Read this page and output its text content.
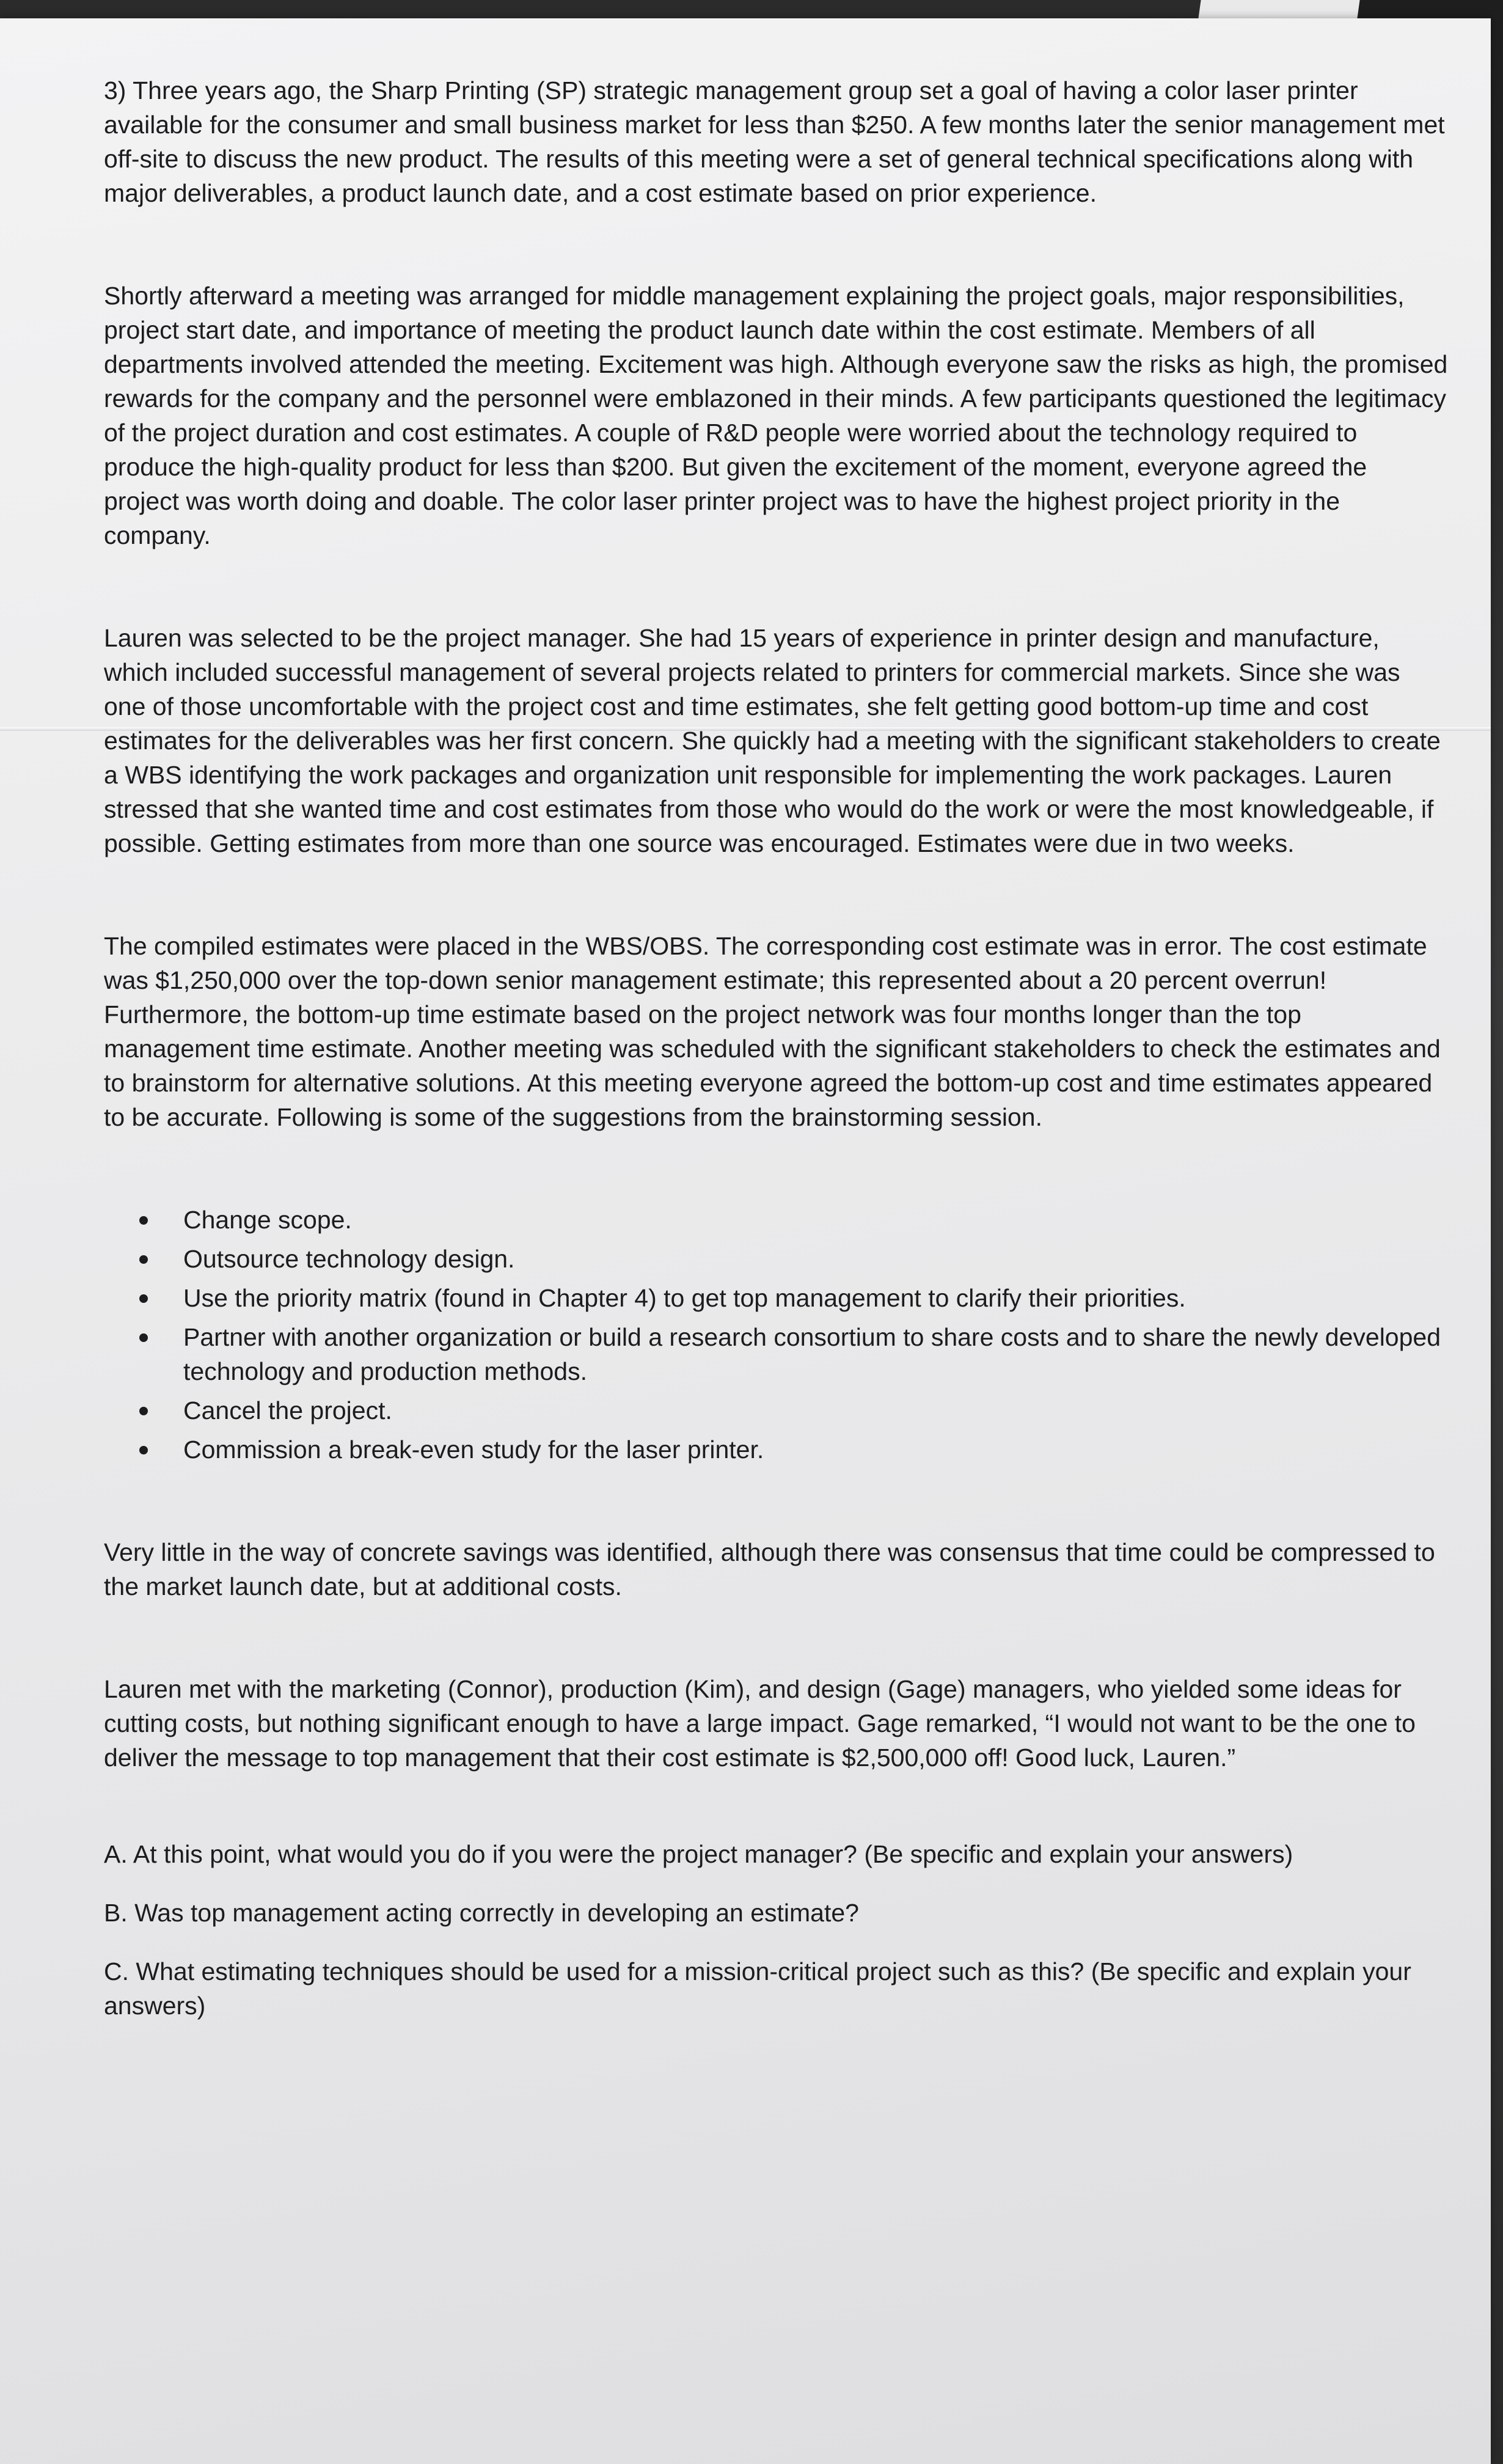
3) Three years ago, the Sharp Printing (SP) strategic management group set a goal of having a color laser printer available for the consumer and small business market for less than $250. A few months later the senior management met off-site to discuss the new product. The results of this meeting were a set of general technical specifications along with major deliverables, a product launch date, and a cost estimate based on prior experience.

Shortly afterward a meeting was arranged for middle management explaining the project goals, major responsibilities, project start date, and importance of meeting the product launch date within the cost estimate. Members of all departments involved attended the meeting. Excitement was high. Although everyone saw the risks as high, the promised rewards for the company and the personnel were emblazoned in their minds. A few participants questioned the legitimacy of the project duration and cost estimates. A couple of R&D people were worried about the technology required to produce the high-quality product for less than $200. But given the excitement of the moment, everyone agreed the project was worth doing and doable. The color laser printer project was to have the highest project priority in the company.

Lauren was selected to be the project manager. She had 15 years of experience in printer design and manufacture, which included successful management of several projects related to printers for commercial markets. Since she was one of those uncomfortable with the project cost and time estimates, she felt getting good bottom-up time and cost estimates for the deliverables was her first concern. She quickly had a meeting with the significant stakeholders to create a WBS identifying the work packages and organization unit responsible for implementing the work packages. Lauren stressed that she wanted time and cost estimates from those who would do the work or were the most knowledgeable, if possible. Getting estimates from more than one source was encouraged. Estimates were due in two weeks.

The compiled estimates were placed in the WBS/OBS. The corresponding cost estimate was in error. The cost estimate was $1,250,000 over the top-down senior management estimate; this represented about a 20 percent overrun! Furthermore, the bottom-up time estimate based on the project network was four months longer than the top management time estimate. Another meeting was scheduled with the significant stakeholders to check the estimates and to brainstorm for alternative solutions. At this meeting everyone agreed the bottom-up cost and time estimates appeared to be accurate. Following is some of the suggestions from the brainstorming session.

Change scope.
Outsource technology design.
Use the priority matrix (found in Chapter 4) to get top management to clarify their priorities.
Partner with another organization or build a research consortium to share costs and to share the newly developed technology and production methods.
Cancel the project.
Commission a break-even study for the laser printer.

Very little in the way of concrete savings was identified, although there was consensus that time could be compressed to the market launch date, but at additional costs.

Lauren met with the marketing (Connor), production (Kim), and design (Gage) managers, who yielded some ideas for cutting costs, but nothing significant enough to have a large impact. Gage remarked, “I would not want to be the one to deliver the message to top management that their cost estimate is $2,500,000 off! Good luck, Lauren.”

A. At this point, what would you do if you were the project manager? (Be specific and explain your answers)

B. Was top management acting correctly in developing an estimate?

C. What estimating techniques should be used for a mission-critical project such as this? (Be specific and explain your answers)
